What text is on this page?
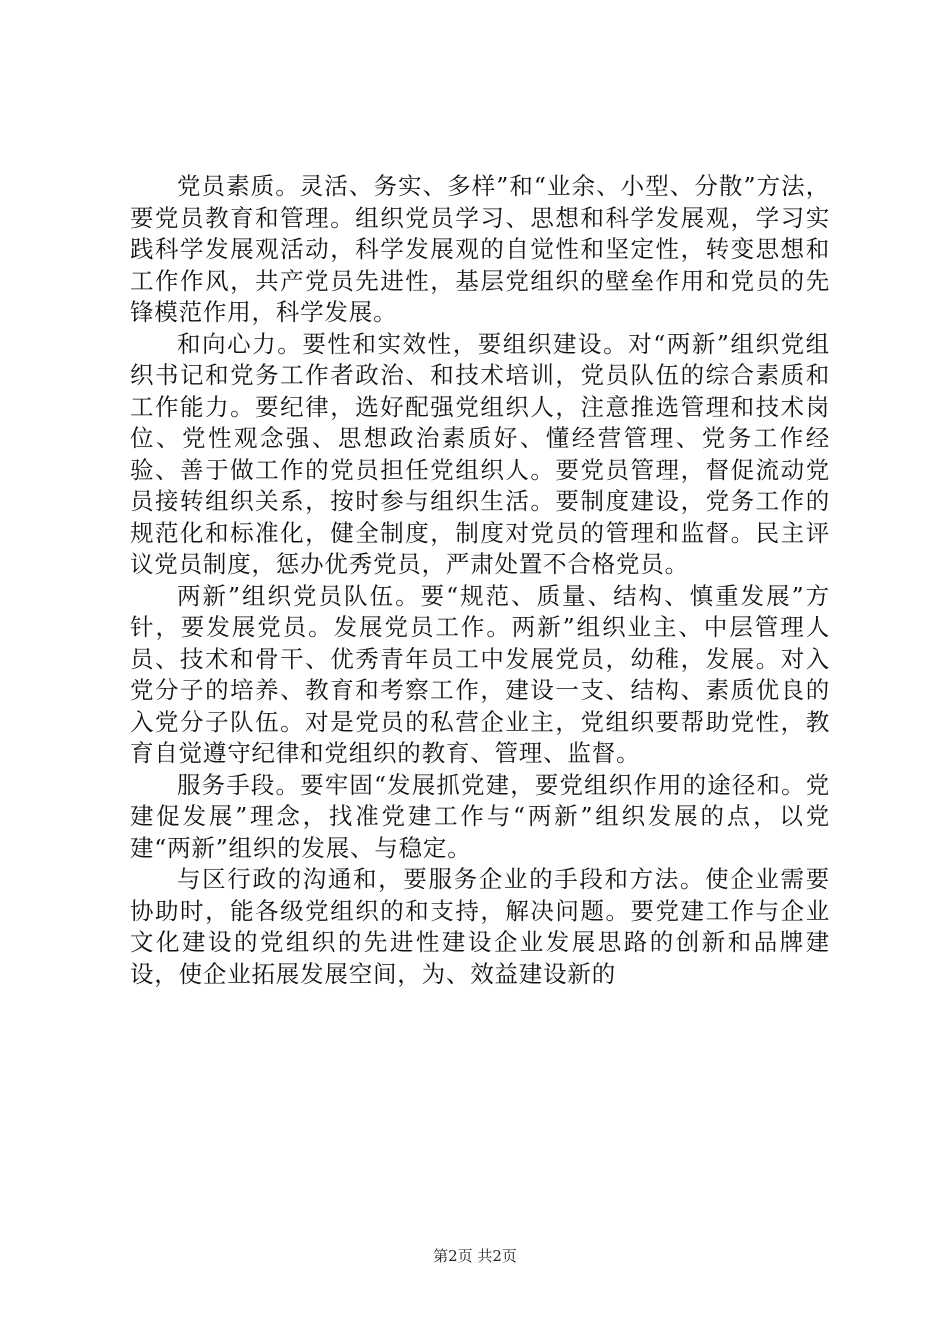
党员素质。灵活、务实、多样”和“业余、小型、分散”方法，要党员教育和管理。组织党员学习、思想和科学发展观，学习实践科学发展观活动，科学发展观的自觉性和坚定性，转变思想和工作作风，共产党员先进性，基层党组织的壁垒作用和党员的先锋模范作用，科学发展。

和向心力。要性和实效性，要组织建设。对“两新”组织党组织书记和党务工作者政治、和技术培训，党员队伍的综合素质和工作能力。要纪律，选好配强党组织人，注意推选管理和技术岗位、党性观念强、思想政治素质好、懂经营管理、党务工作经验、善于做工作的党员担任党组织人。要党员管理，督促流动党员接转组织关系，按时参与组织生活。要制度建设，党务工作的规范化和标准化，健全制度，制度对党员的管理和监督。民主评议党员制度，惩办优秀党员，严肃处置不合格党员。

两新”组织党员队伍。要“规范、质量、结构、慎重发展”方针，要发展党员。发展党员工作。两新”组织业主、中层管理人员、技术和骨干、优秀青年员工中发展党员，幼稚，发展。对入党分子的培养、教育和考察工作，建设一支、结构、素质优良的入党分子队伍。对是党员的私营企业主，党组织要帮助党性，教育自觉遵守纪律和党组织的教育、管理、监督。

服务手段。要牢固“发展抓党建，要党组织作用的途径和。党建促发展”理念，找准党建工作与“两新”组织发展的点，以党建“两新”组织的发展、与稳定。

与区行政的沟通和，要服务企业的手段和方法。使企业需要协助时，能各级党组织的和支持，解决问题。要党建工作与企业文化建设的党组织的先进性建设企业发展思路的创新和品牌建设，使企业拓展发展空间，为、效益建设新的

第2页 共2页
